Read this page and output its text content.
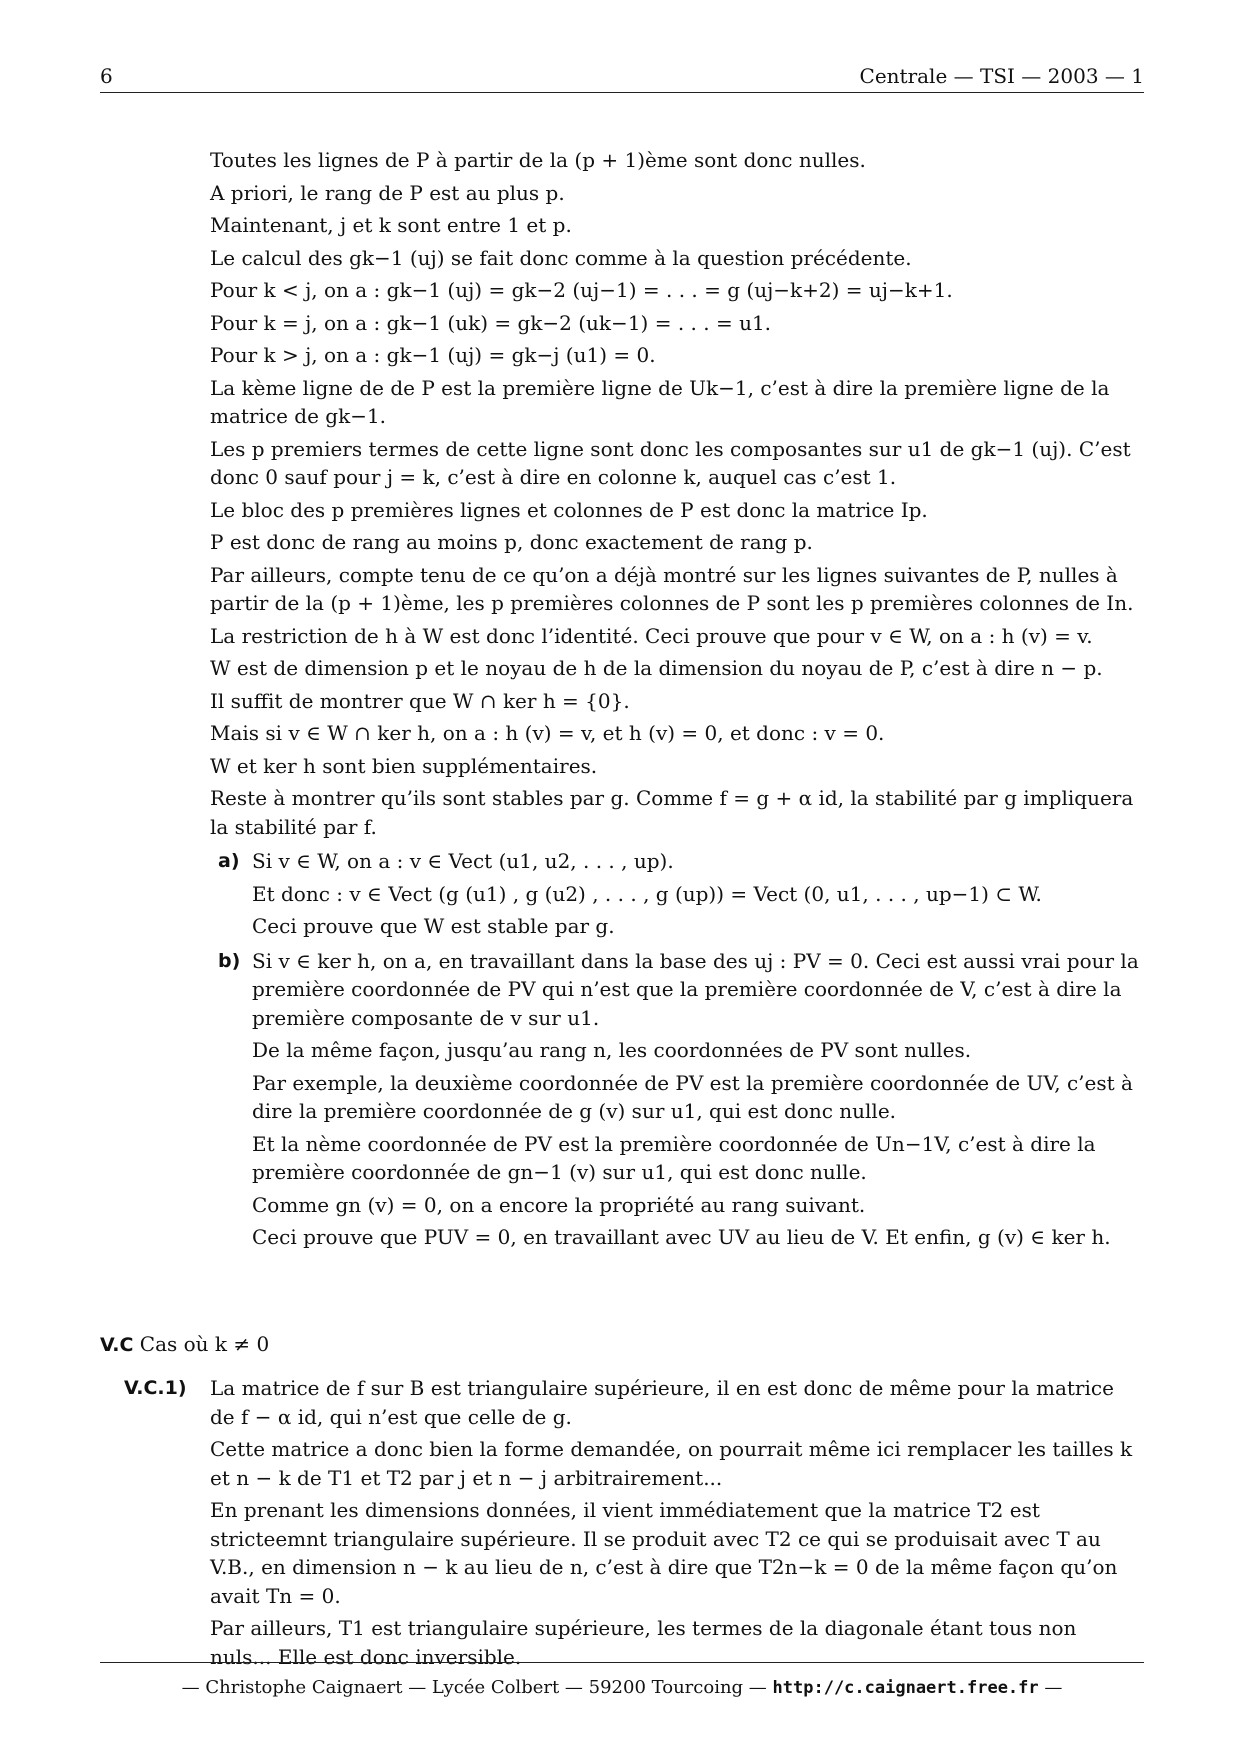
6	Centrale — TSI — 2003 — 1

Toutes les lignes de P à partir de la (p + 1)ème sont donc nulles.

A priori, le rang de P est au plus p.

Maintenant, j et k sont entre 1 et p.

Le calcul des gk−1 (uj) se fait donc comme à la question précédente.

Pour k < j, on a : gk−1 (uj) = gk−2 (uj−1) = . . . = g (uj−k+2) = uj−k+1.

Pour k = j, on a : gk−1 (uk) = gk−2 (uk−1) = . . . = u1.

Pour k > j, on a : gk−1 (uj) = gk−j (u1) = 0.

La kème ligne de de P est la première ligne de Uk−1, c’est à dire la première ligne de la matrice de gk−1.

Les p premiers termes de cette ligne sont donc les composantes sur u1 de gk−1 (uj). C’est donc 0 sauf pour j = k, c’est à dire en colonne k, auquel cas c’est 1.

Le bloc des p premières lignes et colonnes de P est donc la matrice Ip.

P est donc de rang au moins p, donc exactement de rang p.

Par ailleurs, compte tenu de ce qu’on a déjà montré sur les lignes suivantes de P, nulles à partir de la (p + 1)ème, les p premières colonnes de P sont les p premières colonnes de In.

La restriction de h à W est donc l’identité. Ceci prouve que pour v ∈ W, on a : h (v) = v.

W est de dimension p et le noyau de h de la dimension du noyau de P, c’est à dire n − p.

Il suffit de montrer que W ∩ ker h = {0}.

Mais si v ∈ W ∩ ker h, on a : h (v) = v, et h (v) = 0, et donc : v = 0.

W et ker h sont bien supplémentaires.

Reste à montrer qu’ils sont stables par g. Comme f = g + α id, la stabilité par g impliquera la stabilité par f.

a) Si v ∈ W, on a : v ∈ Vect (u1, u2, . . . , up).

Et donc : v ∈ Vect (g (u1) , g (u2) , . . . , g (up)) = Vect (0, u1, . . . , up−1) ⊂ W.

Ceci prouve que W est stable par g.

b) Si v ∈ ker h, on a, en travaillant dans la base des uj : PV = 0. Ceci est aussi vrai pour la première coordonnée de PV qui n’est que la première coordonnée de V, c’est à dire la première composante de v sur u1.

De la même façon, jusqu’au rang n, les coordonnées de PV sont nulles.

Par exemple, la deuxième coordonnée de PV est la première coordonnée de UV, c’est à dire la première coordonnée de g (v) sur u1, qui est donc nulle.

Et la nème coordonnée de PV est la première coordonnée de Un−1V, c’est à dire la première coordonnée de gn−1 (v) sur u1, qui est donc nulle.

Comme gn (v) = 0, on a encore la propriété au rang suivant.

Ceci prouve que PUV = 0, en travaillant avec UV au lieu de V. Et enfin, g (v) ∈ ker h.

V.C Cas où k ≠ 0
V.C.1) La matrice de f sur B est triangulaire supérieure, il en est donc de même pour la matrice de f − α id, qui n’est que celle de g.

Cette matrice a donc bien la forme demandée, on pourrait même ici remplacer les tailles k et n − k de T1 et T2 par j et n − j arbitrairement...

En prenant les dimensions données, il vient immédiatement que la matrice T2 est stricteemnt triangulaire supérieure. Il se produit avec T2 ce qui se produisait avec T au V.B., en dimension n − k au lieu de n, c’est à dire que T2n−k = 0 de la même façon qu’on avait Tn = 0.

Par ailleurs, T1 est triangulaire supérieure, les termes de la diagonale étant tous non nuls... Elle est donc inversible.

— Christophe Caignaert — Lycée Colbert — 59200 Tourcoing — http://c.caignaert.free.fr —
